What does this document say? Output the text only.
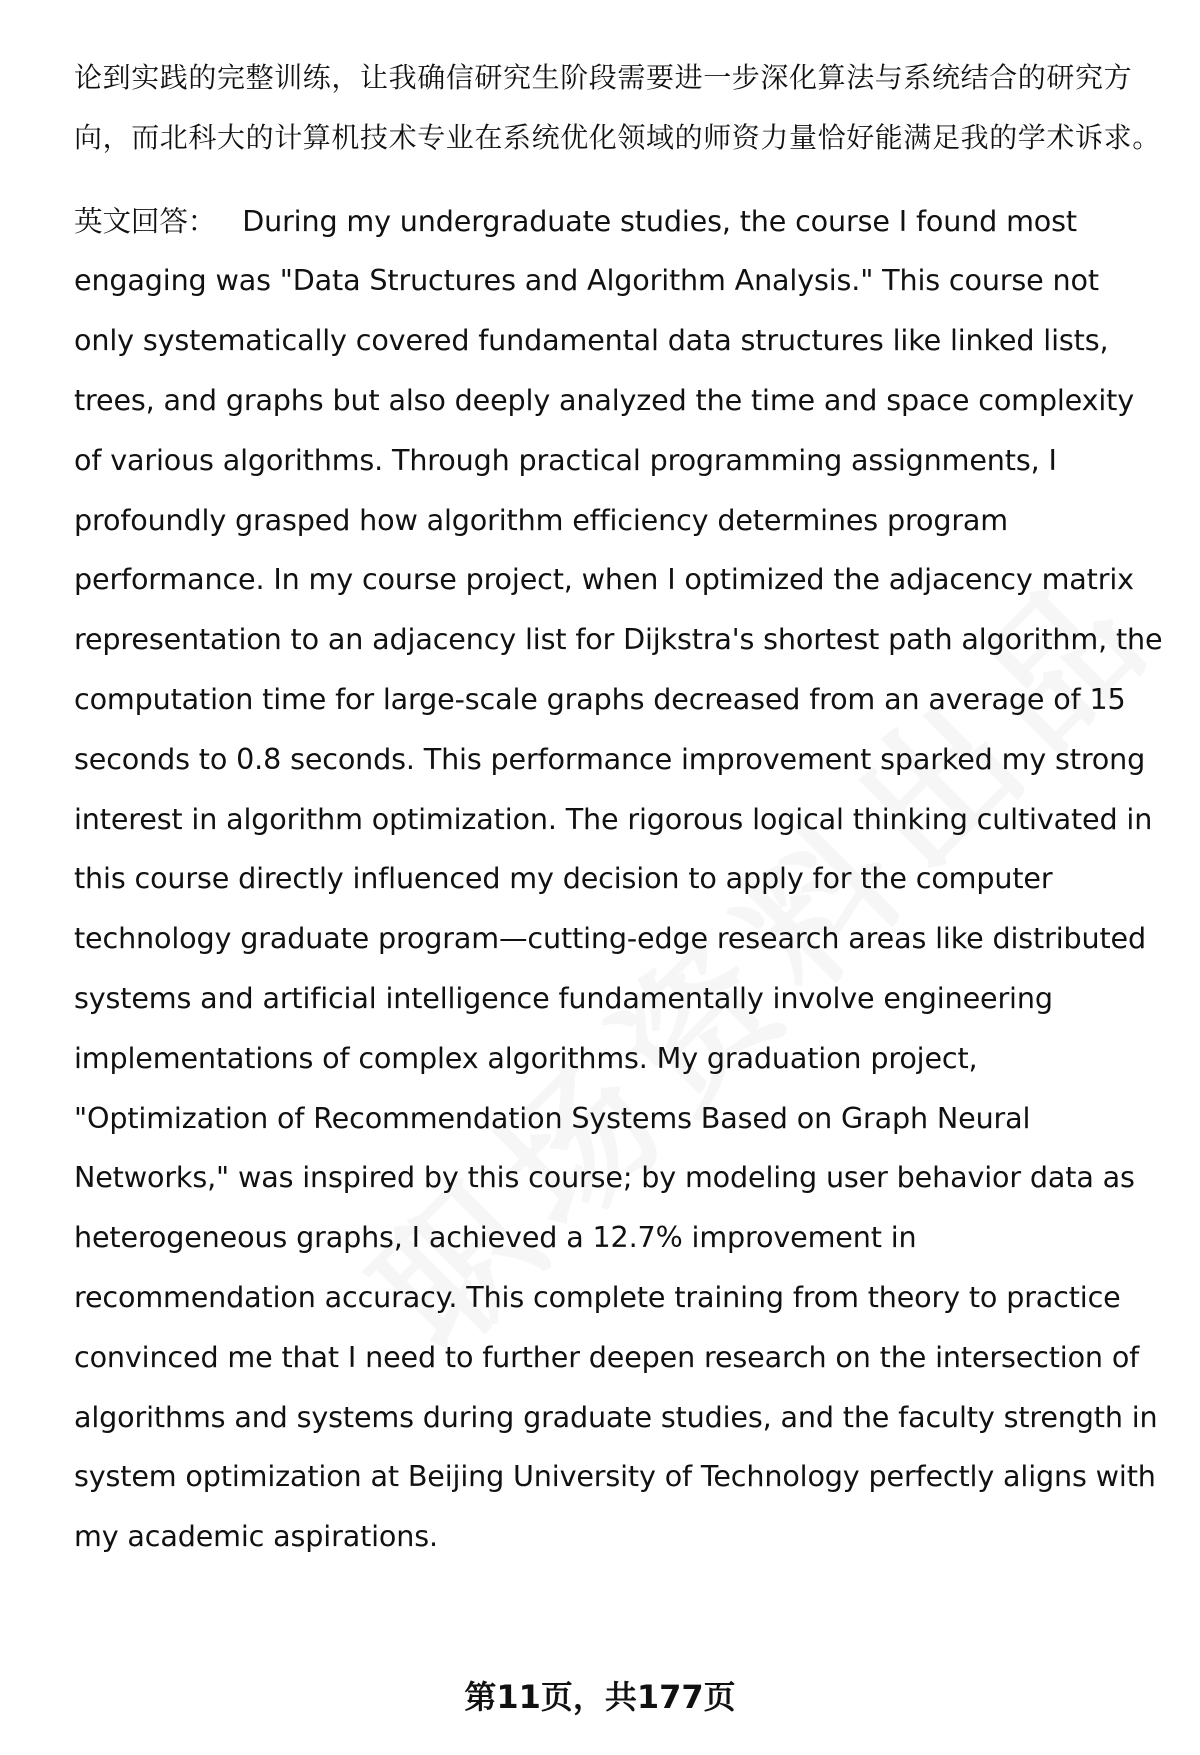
论到实践的完整训练，让我确信研究生阶段需要进一步深化算法与系统结合的研究方向，而北科大的计算机技术专业在系统优化领域的师资力量恰好能满足我的学术诉求。

英文回答： During my undergraduate studies, the course I found most engaging was "Data Structures and Algorithm Analysis." This course not only systematically covered fundamental data structures like linked lists, trees, and graphs but also deeply analyzed the time and space complexity of various algorithms. Through practical programming assignments, I profoundly grasped how algorithm efficiency determines program performance. In my course project, when I optimized the adjacency matrix representation to an adjacency list for Dijkstra's shortest path algorithm, the computation time for large-scale graphs decreased from an average of 15 seconds to 0.8 seconds. This performance improvement sparked my strong interest in algorithm optimization. The rigorous logical thinking cultivated in this course directly influenced my decision to apply for the computer technology graduate program—cutting-edge research areas like distributed systems and artificial intelligence fundamentally involve engineering implementations of complex algorithms. My graduation project, "Optimization of Recommendation Systems Based on Graph Neural Networks," was inspired by this course; by modeling user behavior data as heterogeneous graphs, I achieved a 12.7% improvement in recommendation accuracy. This complete training from theory to practice convinced me that I need to further deepen research on the intersection of algorithms and systems during graduate studies, and the faculty strength in system optimization at Beijing University of Technology perfectly aligns with my academic aspirations.

第11页，共177页
